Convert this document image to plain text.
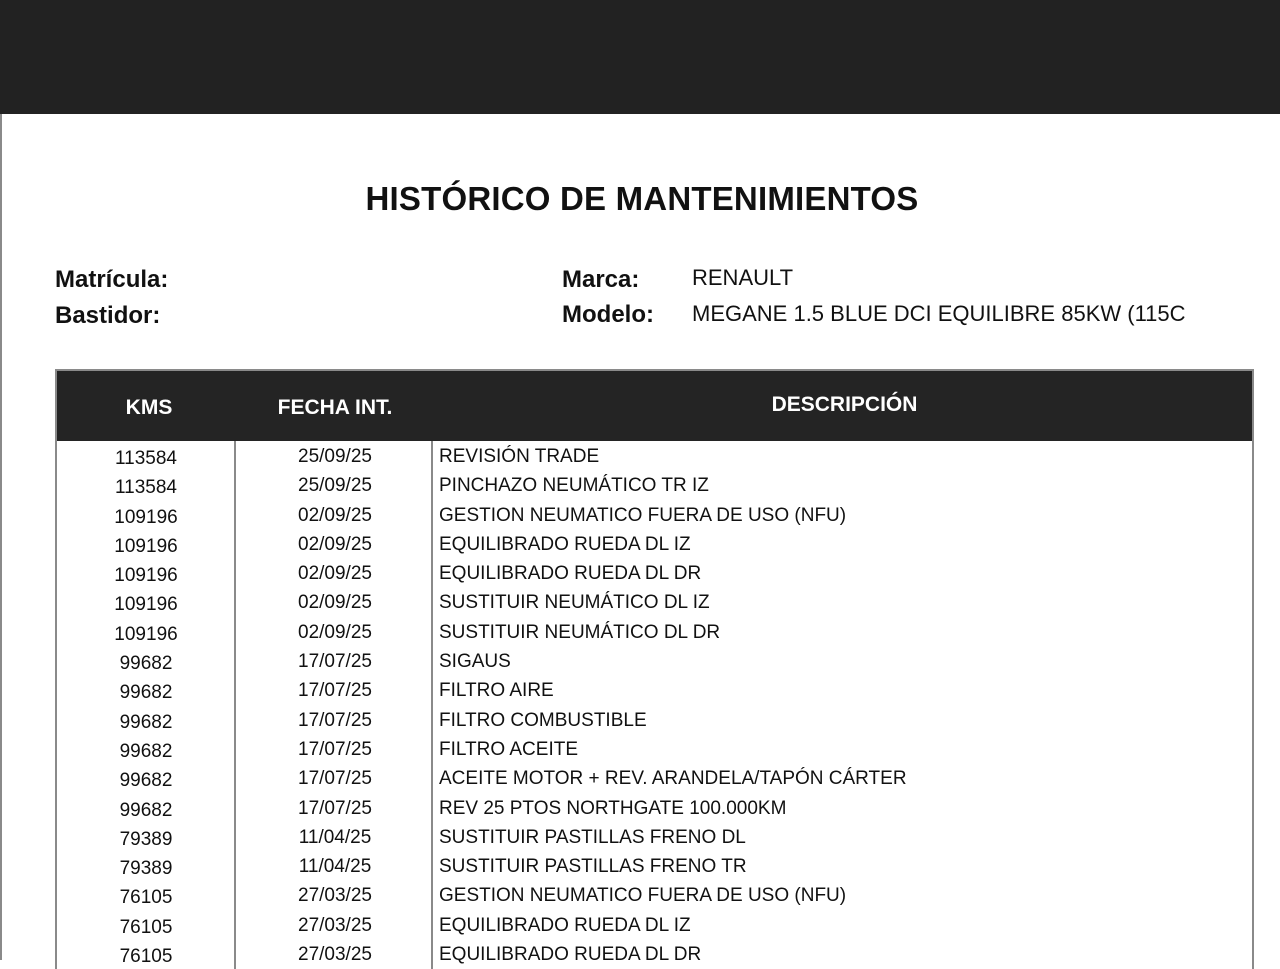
HISTÓRICO DE MANTENIMIENTOS
Matrícula:
Bastidor:
Marca: RENAULT
Modelo: MEGANE 1.5 BLUE DCI EQUILIBRE 85KW (115C
KMS	FECHA INT.	DESCRIPCIÓN
113584	25/09/25	REVISIÓN TRADE
113584	25/09/25	PINCHAZO NEUMÁTICO TR IZ
109196	02/09/25	GESTION NEUMATICO FUERA DE USO (NFU)
109196	02/09/25	EQUILIBRADO RUEDA DL IZ
109196	02/09/25	EQUILIBRADO RUEDA DL DR
109196	02/09/25	SUSTITUIR NEUMÁTICO DL IZ
109196	02/09/25	SUSTITUIR NEUMÁTICO DL DR
99682	17/07/25	SIGAUS
99682	17/07/25	FILTRO AIRE
99682	17/07/25	FILTRO COMBUSTIBLE
99682	17/07/25	FILTRO ACEITE
99682	17/07/25	ACEITE MOTOR + REV. ARANDELA/TAPÓN CÁRTER
99682	17/07/25	REV 25 PTOS NORTHGATE 100.000KM
79389	11/04/25	SUSTITUIR PASTILLAS FRENO DL
79389	11/04/25	SUSTITUIR PASTILLAS FRENO TR
76105	27/03/25	GESTION NEUMATICO FUERA DE USO (NFU)
76105	27/03/25	EQUILIBRADO RUEDA DL IZ
76105	27/03/25	EQUILIBRADO RUEDA DL DR
